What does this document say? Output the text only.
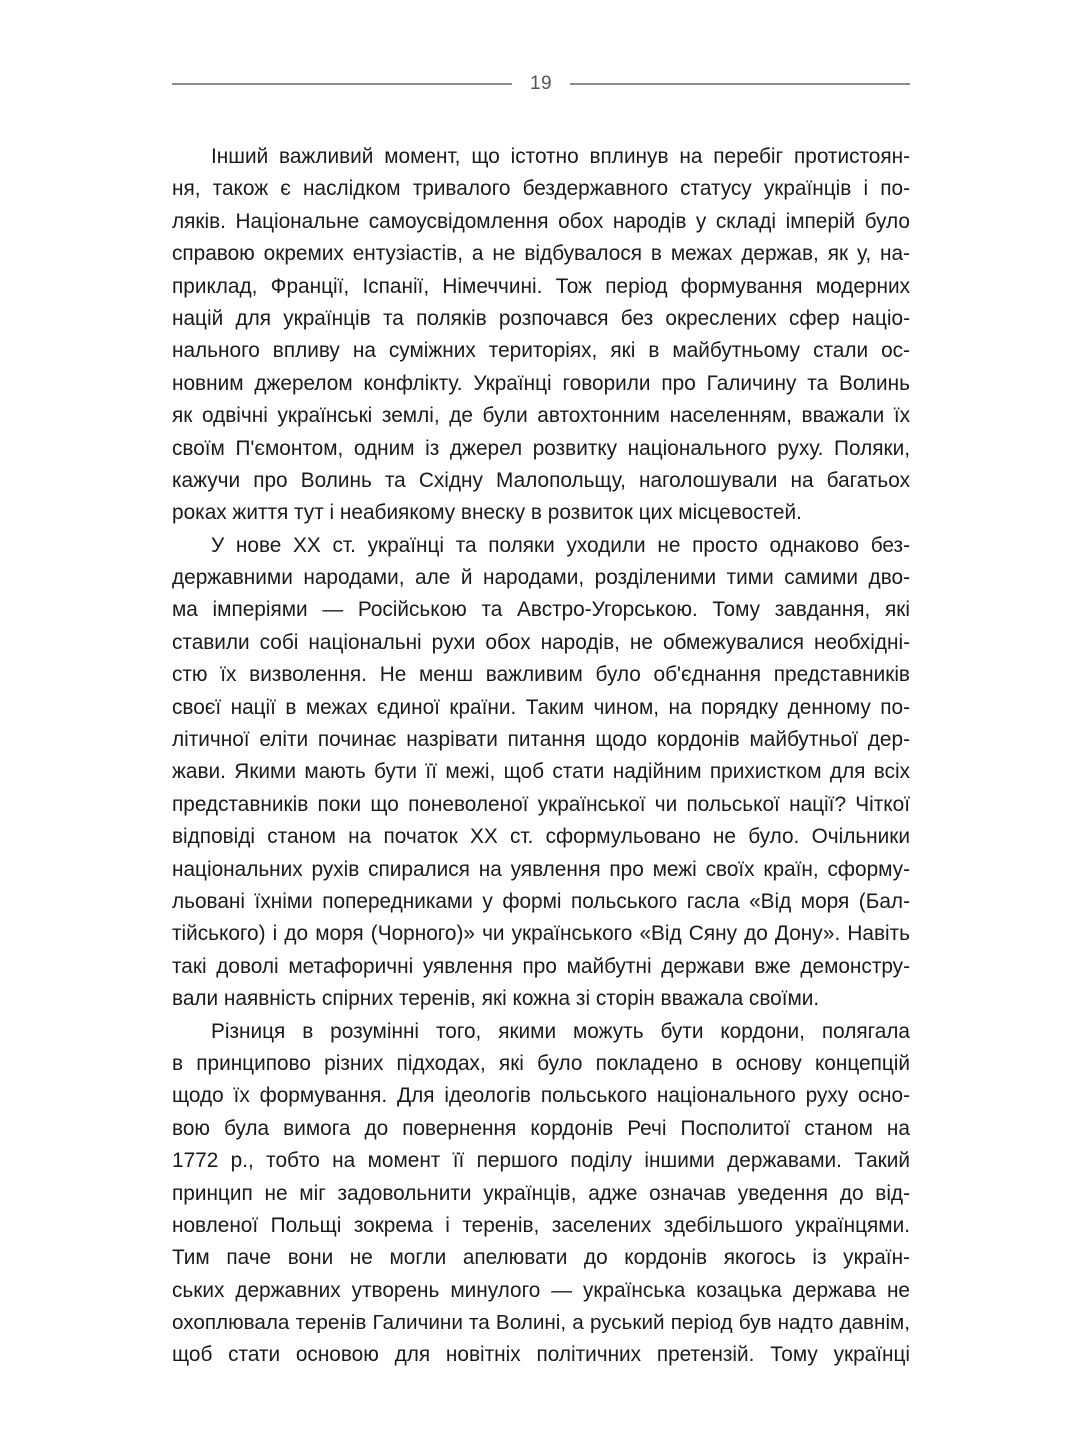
19
Інший важливий момент, що істотно вплинув на перебіг протистоян-
ня, також є наслідком тривалого бездержавного статусу українців і по-
ляків. Національне самоусвідомлення обох народів у складі імперій було
справою окремих ентузіастів, а не відбувалося в межах держав, як у, на-
приклад, Франції, Іспанії, Німеччині. Тож період формування модерних
націй для українців та поляків розпочався без окреслених сфер націо-
нального впливу на суміжних територіях, які в майбутньому стали ос-
новним джерелом конфлікту. Українці говорили про Галичину та Волинь
як одвічні українські землі, де були автохтонним населенням, вважали їх
своїм П'ємонтом, одним із джерел розвитку національного руху. Поляки,
кажучи про Волинь та Східну Малопольщу, наголошували на багатьох
роках життя тут і неабиякому внеску в розвиток цих місцевостей.
У нове XX ст. українці та поляки уходили не просто однаково без-
державними народами, але й народами, розділеними тими самими дво-
ма імперіями — Російською та Австро-Угорською. Тому завдання, які
ставили собі національні рухи обох народів, не обмежувалися необхідні-
стю їх визволення. Не менш важливим було об'єднання представників
своєї нації в межах єдиної країни. Таким чином, на порядку денному по-
літичної еліти починає назрівати питання щодо кордонів майбутньої дер-
жави. Якими мають бути її межі, щоб стати надійним прихистком для всіх
представників поки що поневоленої української чи польської нації? Чіткої
відповіді станом на початок XX ст. сформульовано не було. Очільники
національних рухів спиралися на уявлення про межі своїх країн, сформу-
льовані їхніми попередниками у формі польського гасла «Від моря (Бал-
тійського) і до моря (Чорного)» чи українського «Від Сяну до Дону». Навіть
такі доволі метафоричні уявлення про майбутні держави вже демонстру-
вали наявність спірних теренів, які кожна зі сторін вважала своїми.
Різниця в розумінні того, якими можуть бути кордони, полягала
в принципово різних підходах, які було покладено в основу концепцій
щодо їх формування. Для ідеологів польського національного руху осно-
вою була вимога до повернення кордонів Речі Посполитої станом на
1772 р., тобто на момент її першого поділу іншими державами. Такий
принцип не міг задовольнити українців, адже означав уведення до від-
новленої Польщі зокрема і теренів, заселених здебільшого українцями.
Тим паче вони не могли апелювати до кордонів якогось із україн-
ських державних утворень минулого — українська козацька держава не
охоплювала теренів Галичини та Волині, а руський період був надто давнім,
щоб стати основою для новітніх політичних претензій. Тому українці
